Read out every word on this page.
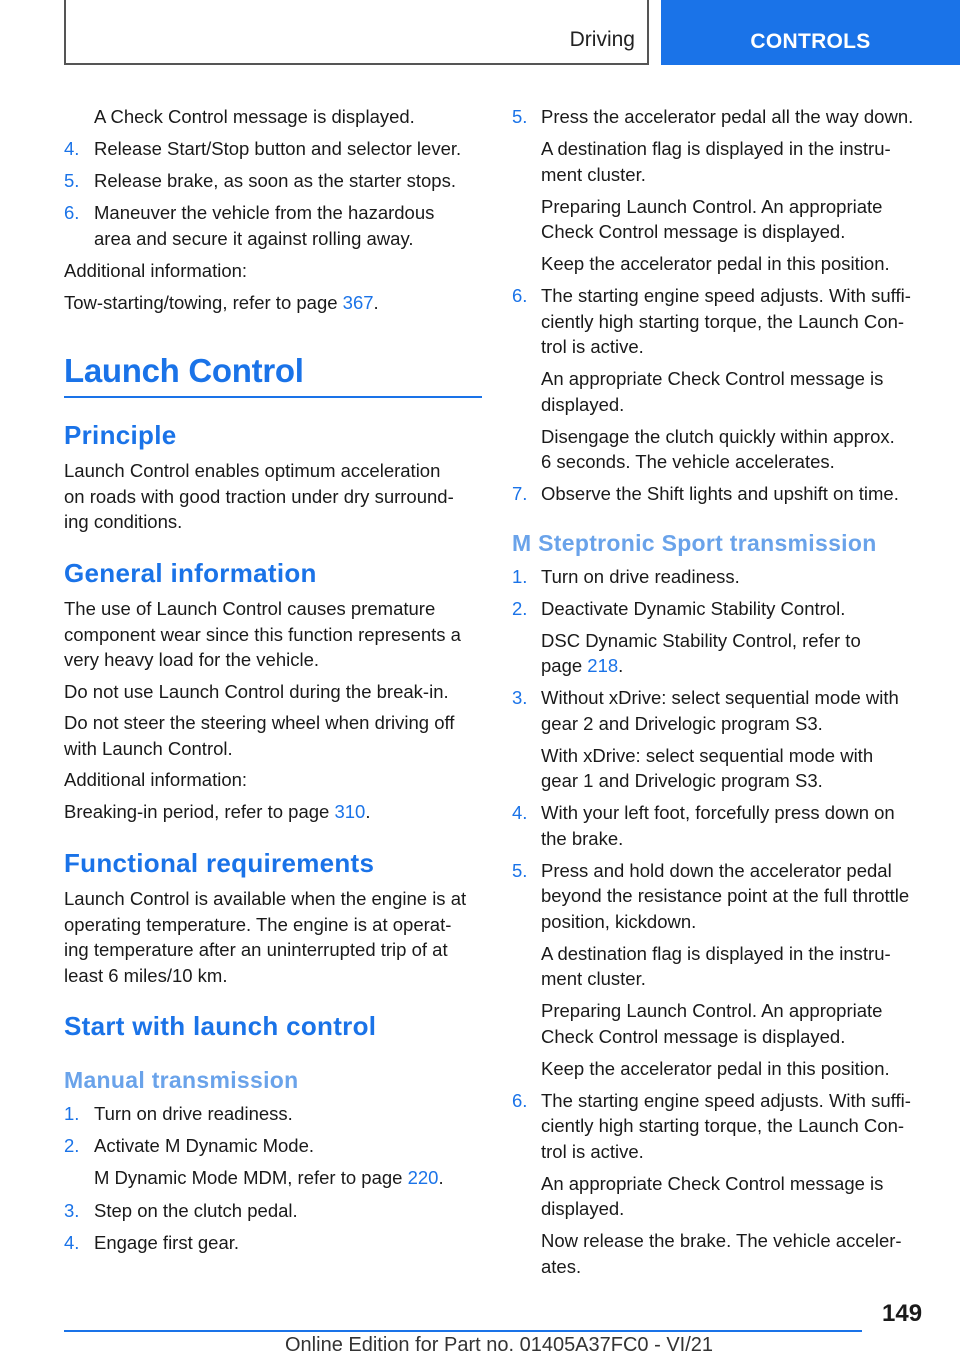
Driving	CONTROLS
149
Online Edition for Part no. 01405A37FC0 - VI/21
A Check Control message is displayed.
4. Release Start/Stop button and selector lever.
5. Release brake, as soon as the starter stops.
6. Maneuver the vehicle from the hazardous
area and secure it against rolling away.
Additional information:
Tow-starting/towing, refer to page 367.
Launch Control
Principle
Launch Control enables optimum acceleration
on roads with good traction under dry surround-
ing conditions.
General information
The use of Launch Control causes premature
component wear since this function represents a
very heavy load for the vehicle.
Do not use Launch Control during the break-in.
Do not steer the steering wheel when driving off
with Launch Control.
Additional information:
Breaking-in period, refer to page 310.
Functional requirements
Launch Control is available when the engine is at
operating temperature. The engine is at operat-
ing temperature after an uninterrupted trip of at
least 6 miles/10 km.
Start with launch control
Manual transmission
1. Turn on drive readiness.
2. Activate M Dynamic Mode.
M Dynamic Mode MDM, refer to page 220.
3. Step on the clutch pedal.
4. Engage first gear.
5. Press the accelerator pedal all the way down.
A destination flag is displayed in the instru-
ment cluster.
Preparing Launch Control. An appropriate
Check Control message is displayed.
Keep the accelerator pedal in this position.
6. The starting engine speed adjusts. With suffi-
ciently high starting torque, the Launch Con-
trol is active.
An appropriate Check Control message is
displayed.
Disengage the clutch quickly within approx.
6 seconds. The vehicle accelerates.
7. Observe the Shift lights and upshift on time.
M Steptronic Sport transmission
1. Turn on drive readiness.
2. Deactivate Dynamic Stability Control.
DSC Dynamic Stability Control, refer to
page 218.
3. Without xDrive: select sequential mode with
gear 2 and Drivelogic program S3.
With xDrive: select sequential mode with
gear 1 and Drivelogic program S3.
4. With your left foot, forcefully press down on
the brake.
5. Press and hold down the accelerator pedal
beyond the resistance point at the full throttle
position, kickdown.
A destination flag is displayed in the instru-
ment cluster.
Preparing Launch Control. An appropriate
Check Control message is displayed.
Keep the accelerator pedal in this position.
6. The starting engine speed adjusts. With suffi-
ciently high starting torque, the Launch Con-
trol is active.
An appropriate Check Control message is
displayed.
Now release the brake. The vehicle acceler-
ates.
